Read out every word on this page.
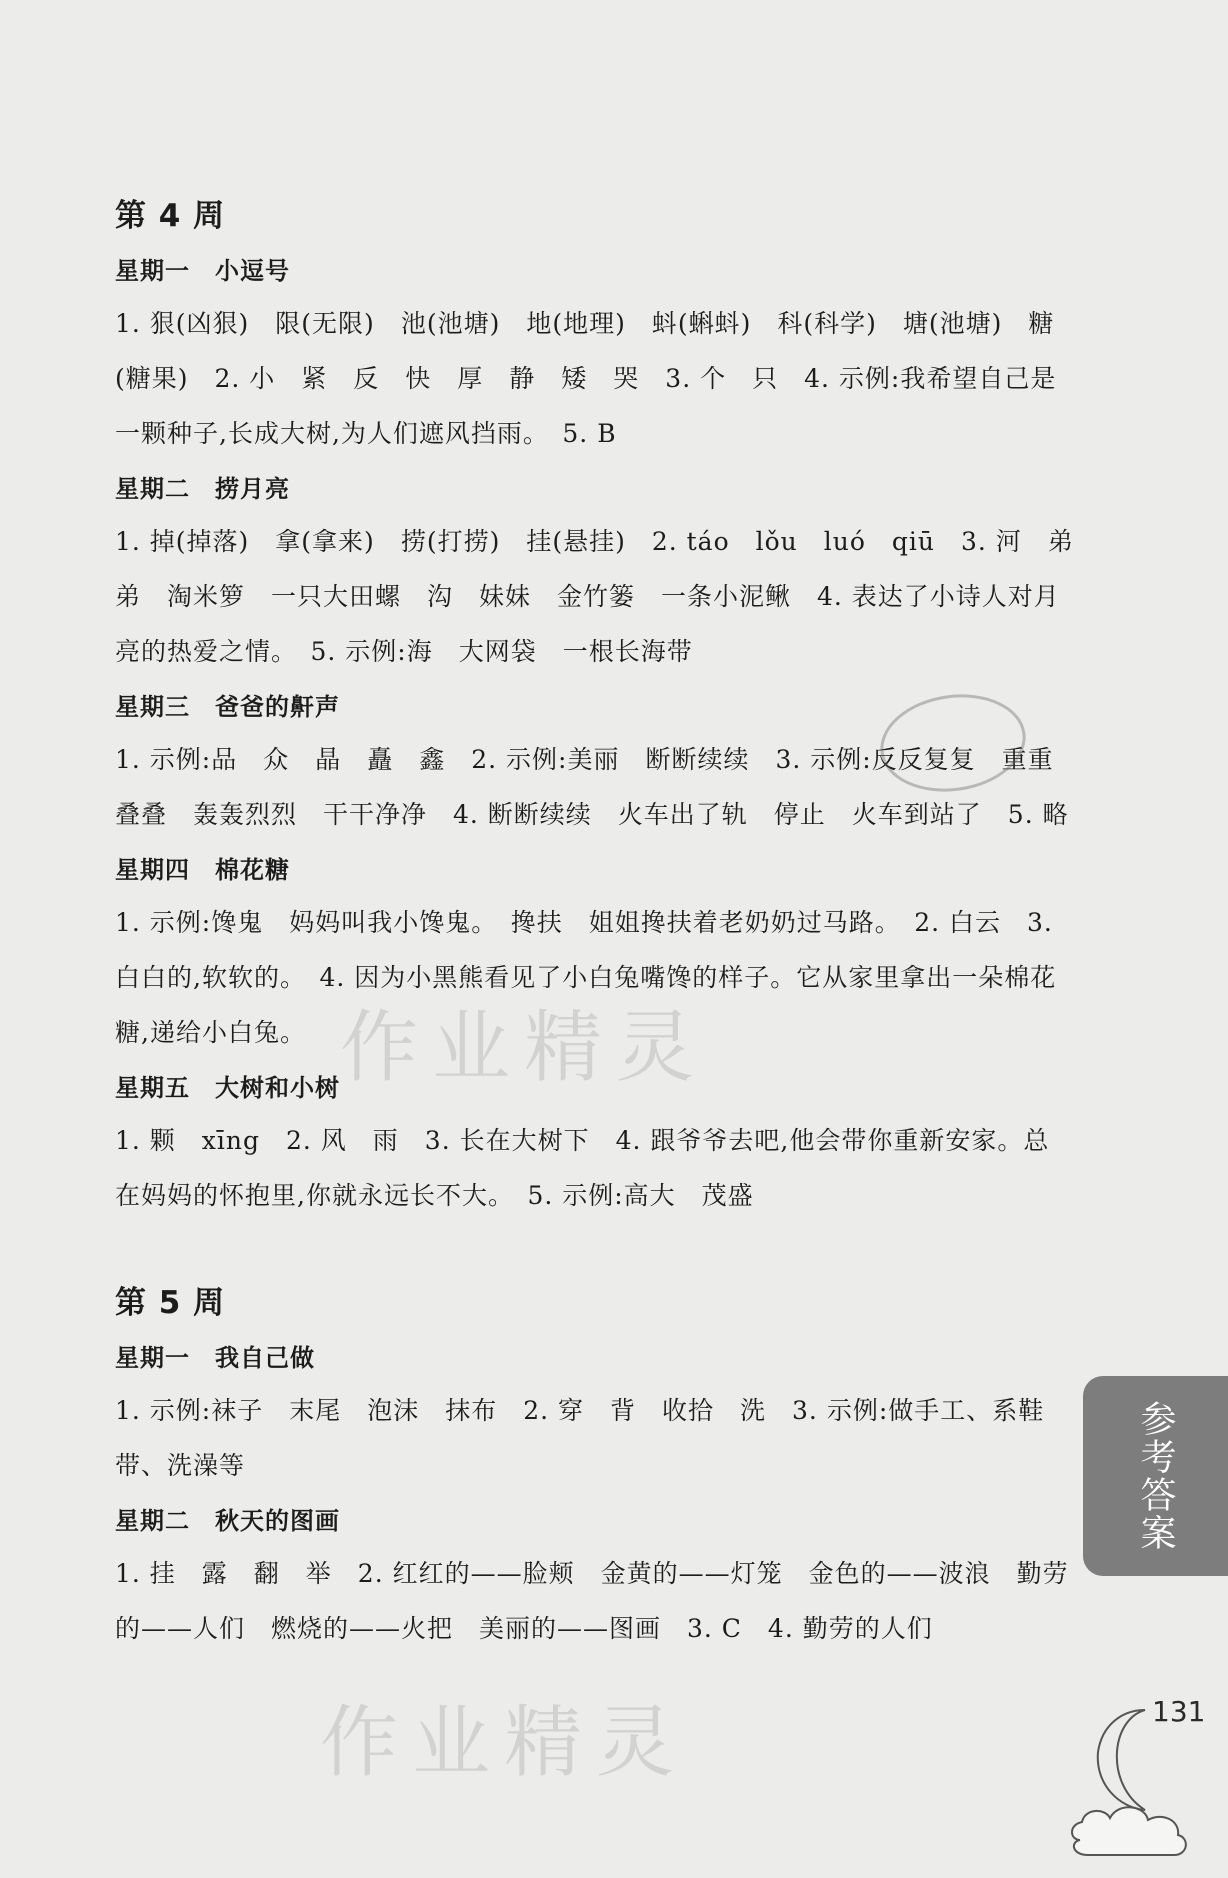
第 4 周
星期一　小逗号
1. 狠(凶狠)　限(无限)　池(池塘)　地(地理)　蚪(蝌蚪)　科(科学)　塘(池塘)　糖(糖果)　2. 小　紧　反　快　厚　静　矮　哭　3. 个　只　4. 示例:我希望自己是一颗种子,长成大树,为人们遮风挡雨。　5. B
星期二　捞月亮
1. 掉(掉落)　拿(拿来)　捞(打捞)　挂(悬挂)　2. táo　lǒu　luó　qiū　3. 河　弟弟　淘米箩　一只大田螺　沟　妹妹　金竹篓　一条小泥鳅　4. 表达了小诗人对月亮的热爱之情。　5. 示例:海　大网袋　一根长海带
星期三　爸爸的鼾声
1. 示例:品　众　晶　矗　鑫　2. 示例:美丽　断断续续　3. 示例:反反复复　重重叠叠　轰轰烈烈　干干净净　4. 断断续续　火车出了轨　停止　火车到站了　5. 略
星期四　棉花糖
1. 示例:馋鬼　妈妈叫我小馋鬼。　搀扶　姐姐搀扶着老奶奶过马路。　2. 白云　3. 白白的,软软的。　4. 因为小黑熊看见了小白兔嘴馋的样子。它从家里拿出一朵棉花糖,递给小白兔。
星期五　大树和小树
1. 颗　xīng　2. 风　雨　3. 长在大树下　4. 跟爷爷去吧,他会带你重新安家。总在妈妈的怀抱里,你就永远长不大。　5. 示例:高大　茂盛
第 5 周
星期一　我自己做
1. 示例:袜子　末尾　泡沫　抹布　2. 穿　背　收拾　洗　3. 示例:做手工、系鞋带、洗澡等
星期二　秋天的图画
1. 挂　露　翻　举　2. 红红的——脸颊　金黄的——灯笼　金色的——波浪　勤劳的——人们　燃烧的——火把　美丽的——图画　3. C　4. 勤劳的人们
参考答案
作业精灵
作业精灵	131
